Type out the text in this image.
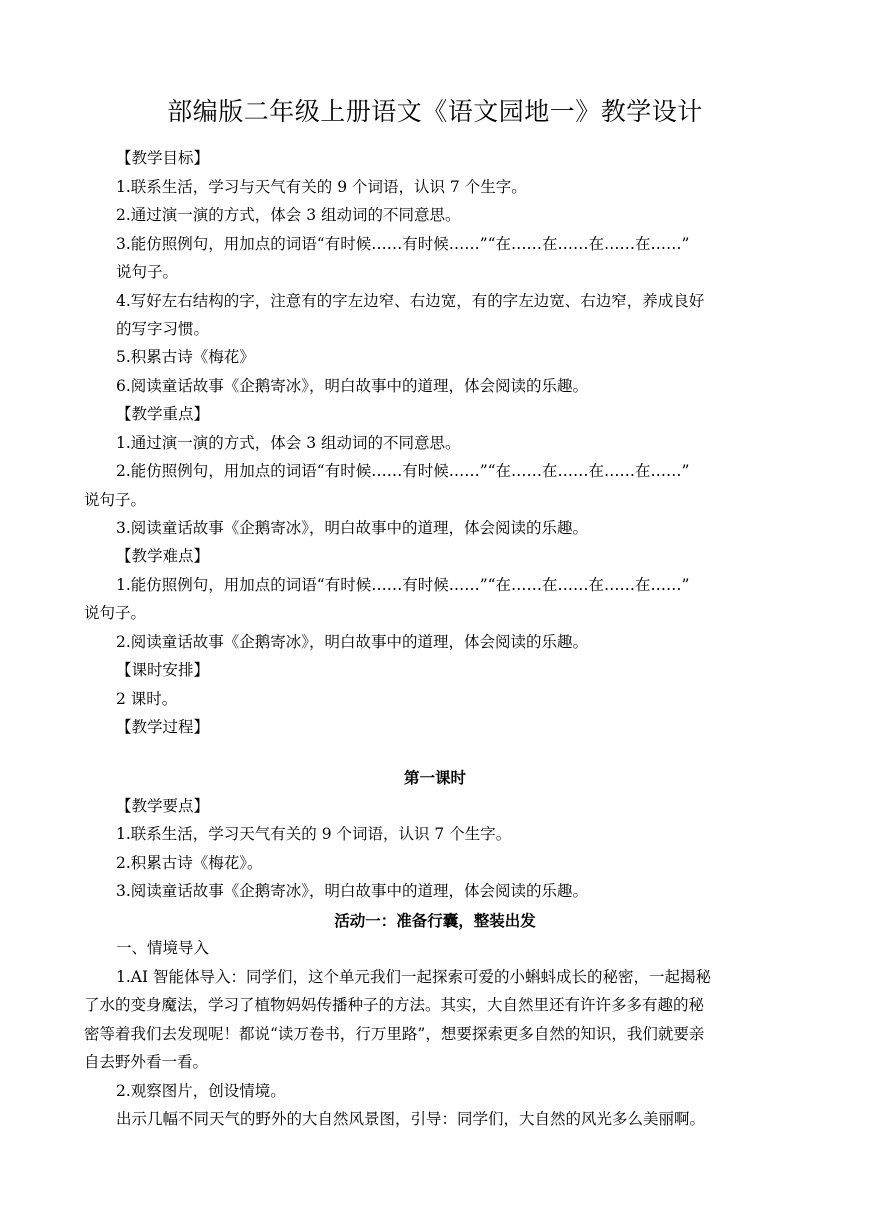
部编版二年级上册语文《语文园地一》教学设计
【教学目标】
1.联系生活，学习与天气有关的 9 个词语，认识 7 个生字。
2.通过演一演的方式，体会 3 组动词的不同意思。
3.能仿照例句，用加点的词语“有时候……有时候……”“在……在……在……在……”
说句子。
4.写好左右结构的字，注意有的字左边窄、右边宽，有的字左边宽、右边窄，养成良好
的写字习惯。
5.积累古诗《梅花》
6.阅读童话故事《企鹅寄冰》，明白故事中的道理，体会阅读的乐趣。
【教学重点】
1.通过演一演的方式，体会 3 组动词的不同意思。
2.能仿照例句，用加点的词语“有时候……有时候……”“在……在……在……在……”
说句子。
3.阅读童话故事《企鹅寄冰》，明白故事中的道理，体会阅读的乐趣。
【教学难点】
1.能仿照例句，用加点的词语“有时候……有时候……”“在……在……在……在……”
说句子。
2.阅读童话故事《企鹅寄冰》，明白故事中的道理，体会阅读的乐趣。
【课时安排】
2 课时。
【教学过程】
第一课时
【教学要点】
1.联系生活，学习天气有关的 9 个词语，认识 7 个生字。
2.积累古诗《梅花》。
3.阅读童话故事《企鹅寄冰》，明白故事中的道理，体会阅读的乐趣。
活动一：准备行囊，整装出发
一、情境导入
1.AI 智能体导入：同学们，这个单元我们一起探索可爱的小蝌蚪成长的秘密，一起揭秘
了水的变身魔法，学习了植物妈妈传播种子的方法。其实，大自然里还有许许多多有趣的秘
密等着我们去发现呢！都说“读万卷书，行万里路”，想要探索更多自然的知识，我们就要亲
自去野外看一看。
2.观察图片，创设情境。
出示几幅不同天气的野外的大自然风景图，引导：同学们，大自然的风光多么美丽啊。
